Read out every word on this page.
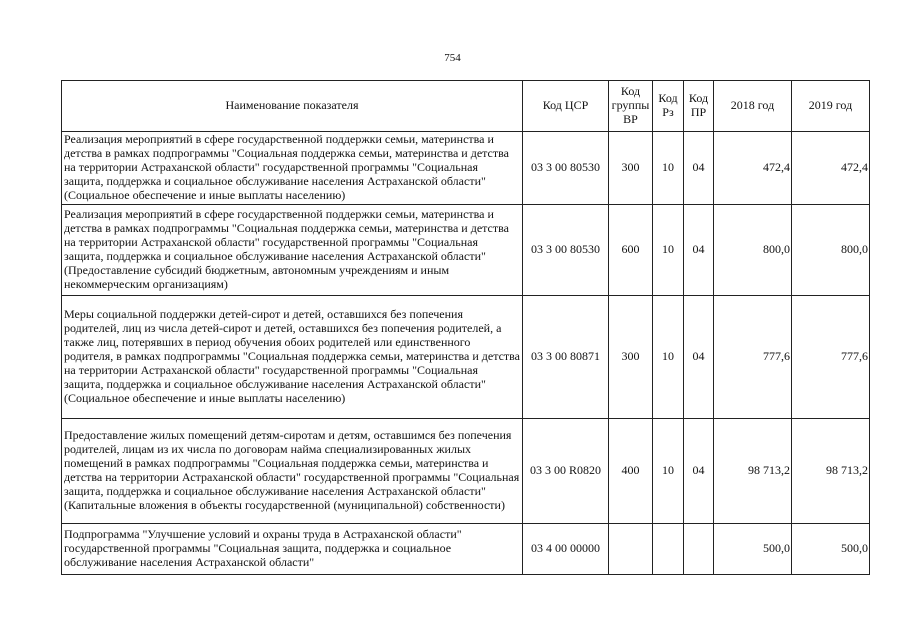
754
Наименование показателя	Код ЦСР	Код группы ВР	Код Рз	Код ПР	2018 год	2019 год
Реализация мероприятий в сфере государственной поддержки семьи, материнства и детства в рамках подпрограммы "Социальная поддержка семьи, материнства и детства на территории Астраханской области" государственной программы "Социальная защита, поддержка и социальное обслуживание населения Астраханской области" (Социальное обеспечение и иные выплаты населению)	03 3 00 80530	300	10	04	472,4	472,4
Реализация мероприятий в сфере государственной поддержки семьи, материнства и детства в рамках подпрограммы "Социальная поддержка семьи, материнства и детства на территории Астраханской области" государственной программы "Социальная защита, поддержка и социальное обслуживание населения Астраханской области" (Предоставление субсидий бюджетным, автономным учреждениям и иным некоммерческим организациям)	03 3 00 80530	600	10	04	800,0	800,0
Меры социальной поддержки детей-сирот и детей, оставшихся без попечения родителей, лиц из числа детей-сирот и детей, оставшихся без попечения родителей, а также лиц, потерявших в период обучения обоих родителей или единственного родителя, в рамках подпрограммы "Социальная поддержка семьи, материнства и детства на территории Астраханской области" государственной программы "Социальная защита, поддержка и социальное обслуживание населения Астраханской области" (Социальное обеспечение и иные выплаты населению)	03 3 00 80871	300	10	04	777,6	777,6
Предоставление жилых помещений детям-сиротам и детям, оставшимся без попечения родителей, лицам из их числа по договорам найма специализированных жилых помещений в рамках подпрограммы "Социальная поддержка семьи, материнства и детства на территории Астраханской области" государственной программы "Социальная защита, поддержка и социальное обслуживание населения Астраханской области" (Капитальные вложения в объекты государственной (муниципальной) собственности)	03 3 00 R0820	400	10	04	98 713,2	98 713,2
Подпрограмма "Улучшение условий и охраны труда в Астраханской области" государственной программы "Социальная защита, поддержка и социальное обслуживание населения Астраханской области"	03 4 00 00000				500,0	500,0
